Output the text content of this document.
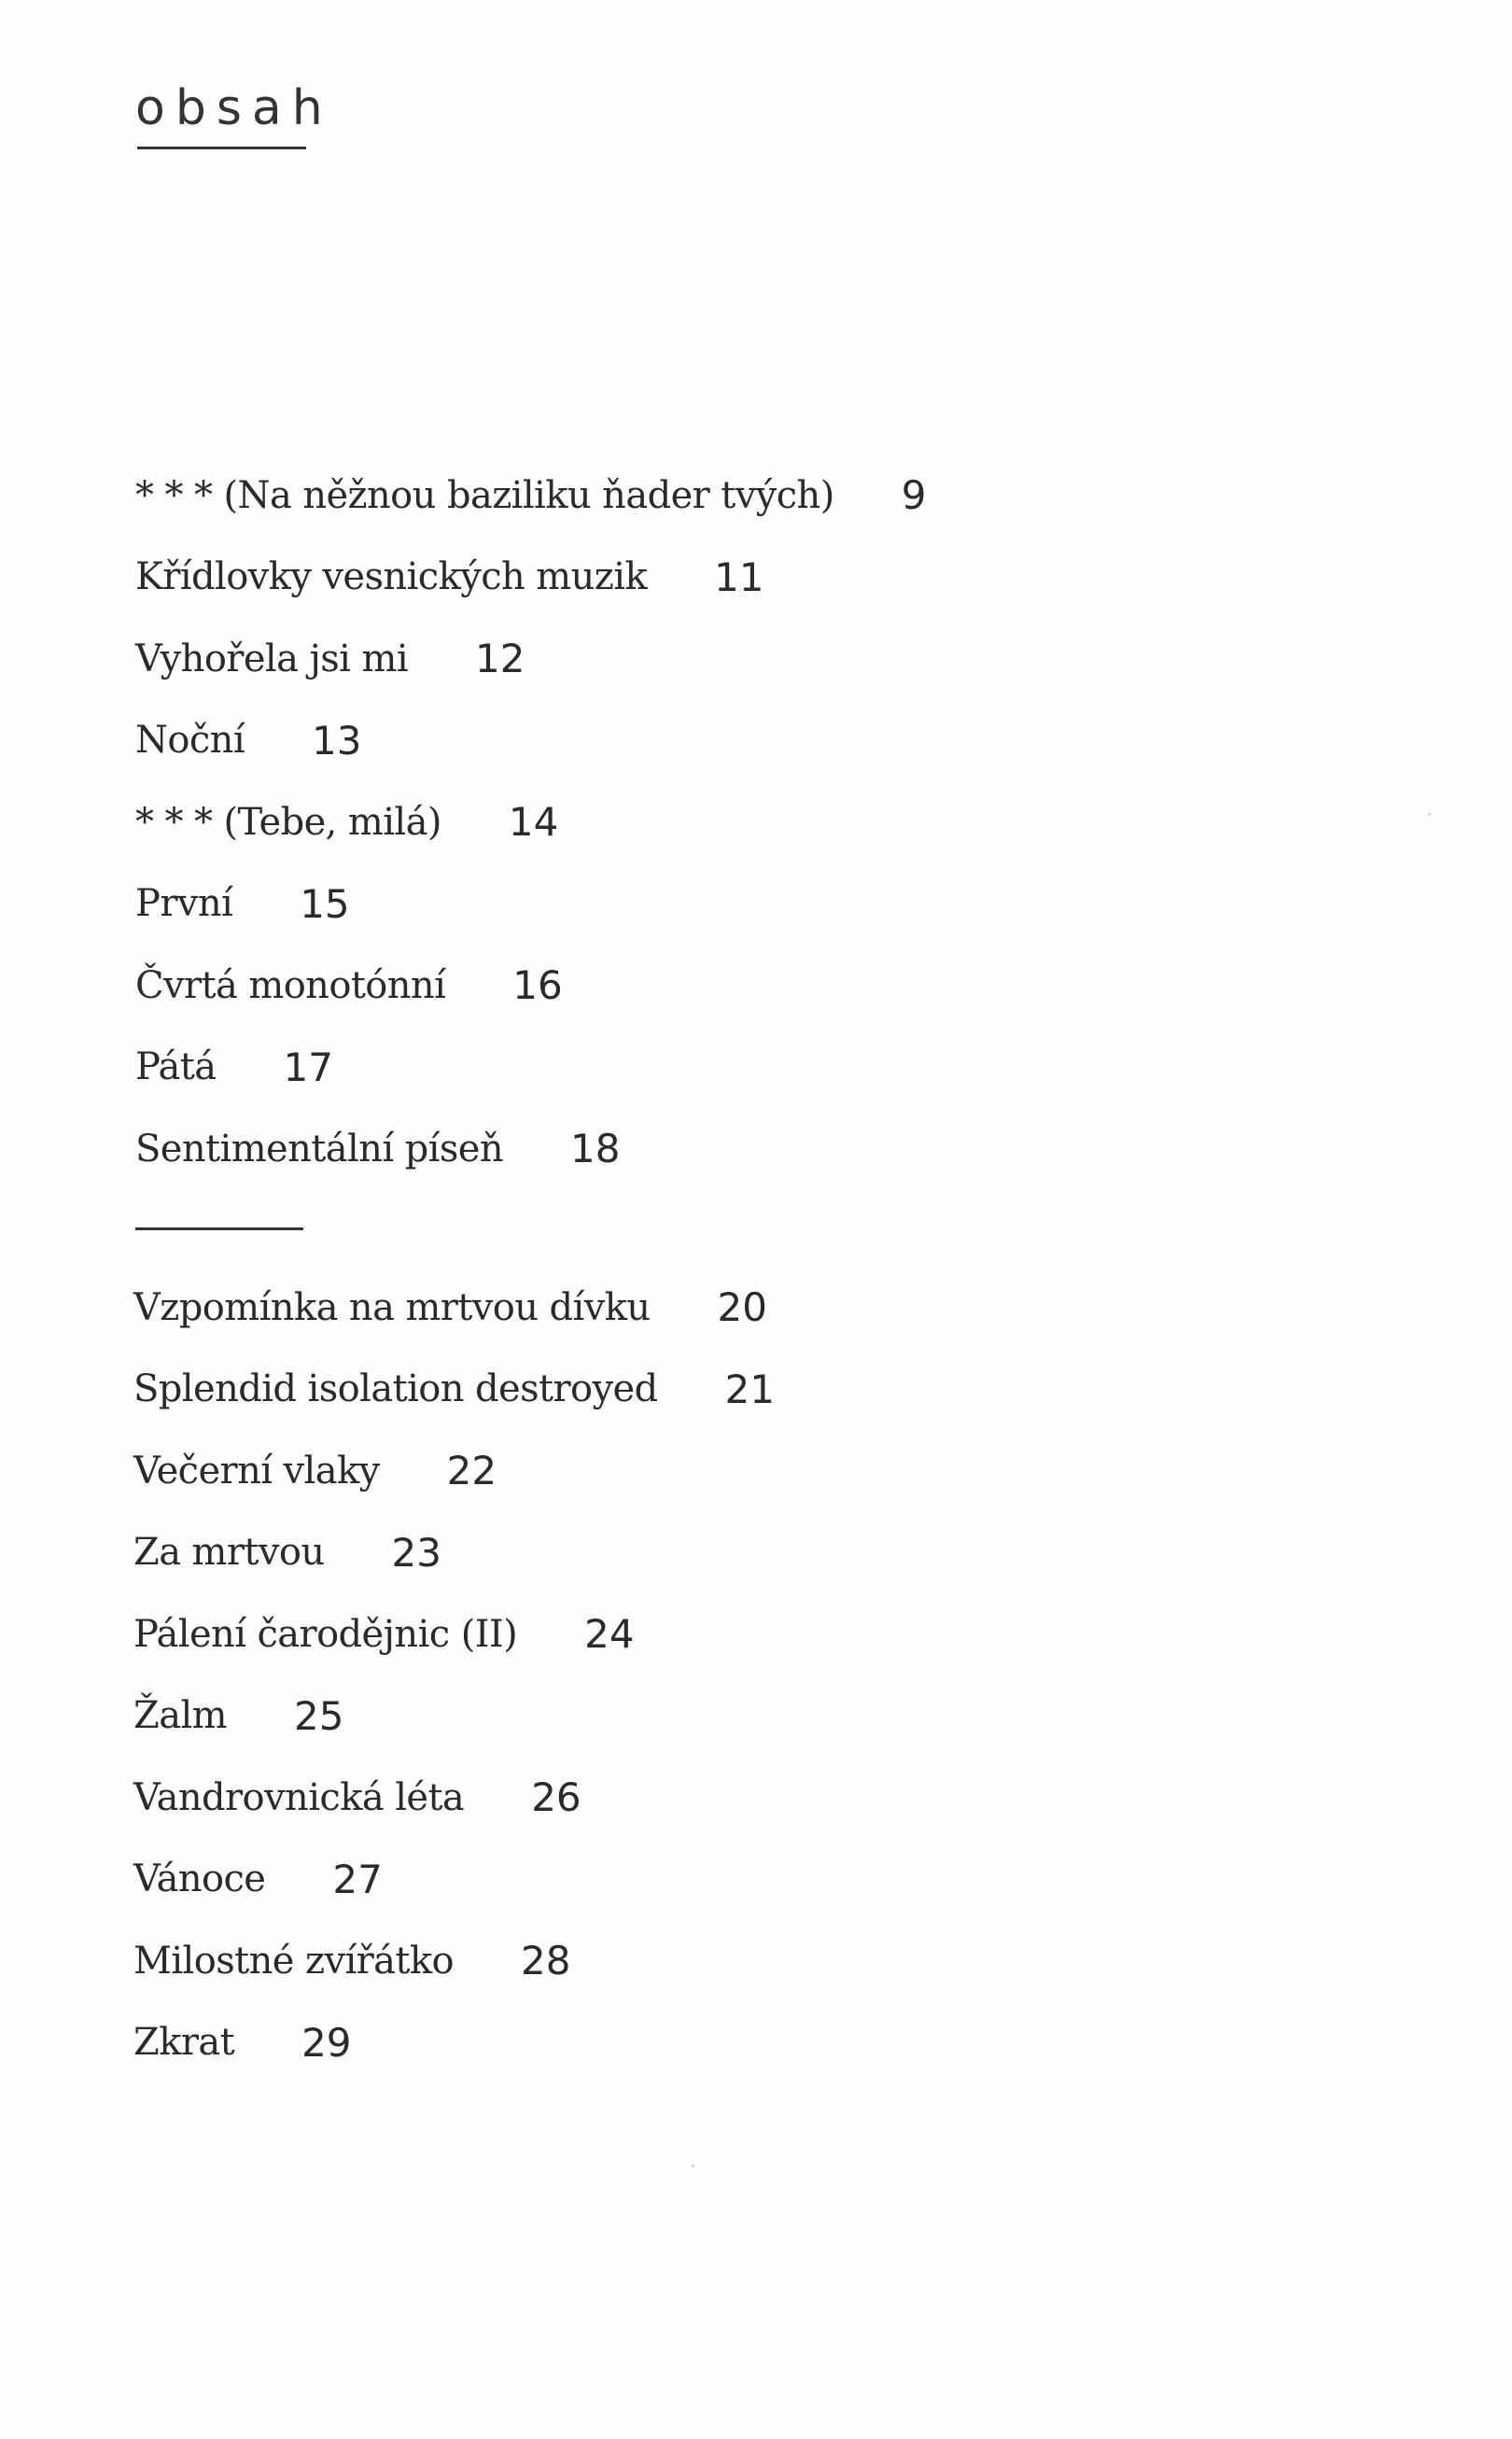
obsah
* * * (Na něžnou baziliku ňader tvých) 9
Křídlovky vesnických muzik 11
Vyhořela jsi mi 12
Noční 13
* * * (Tebe, milá) 14
První 15
Čvrtá monotónní 16
Pátá 17
Sentimentální píseň 18
Vzpomínka na mrtvou dívku 20
Splendid isolation destroyed 21
Večerní vlaky 22
Za mrtvou 23
Pálení čarodějnic (II) 24
Žalm 25
Vandrovnická léta 26
Vánoce 27
Milostné zvířátko 28
Zkrat 29
